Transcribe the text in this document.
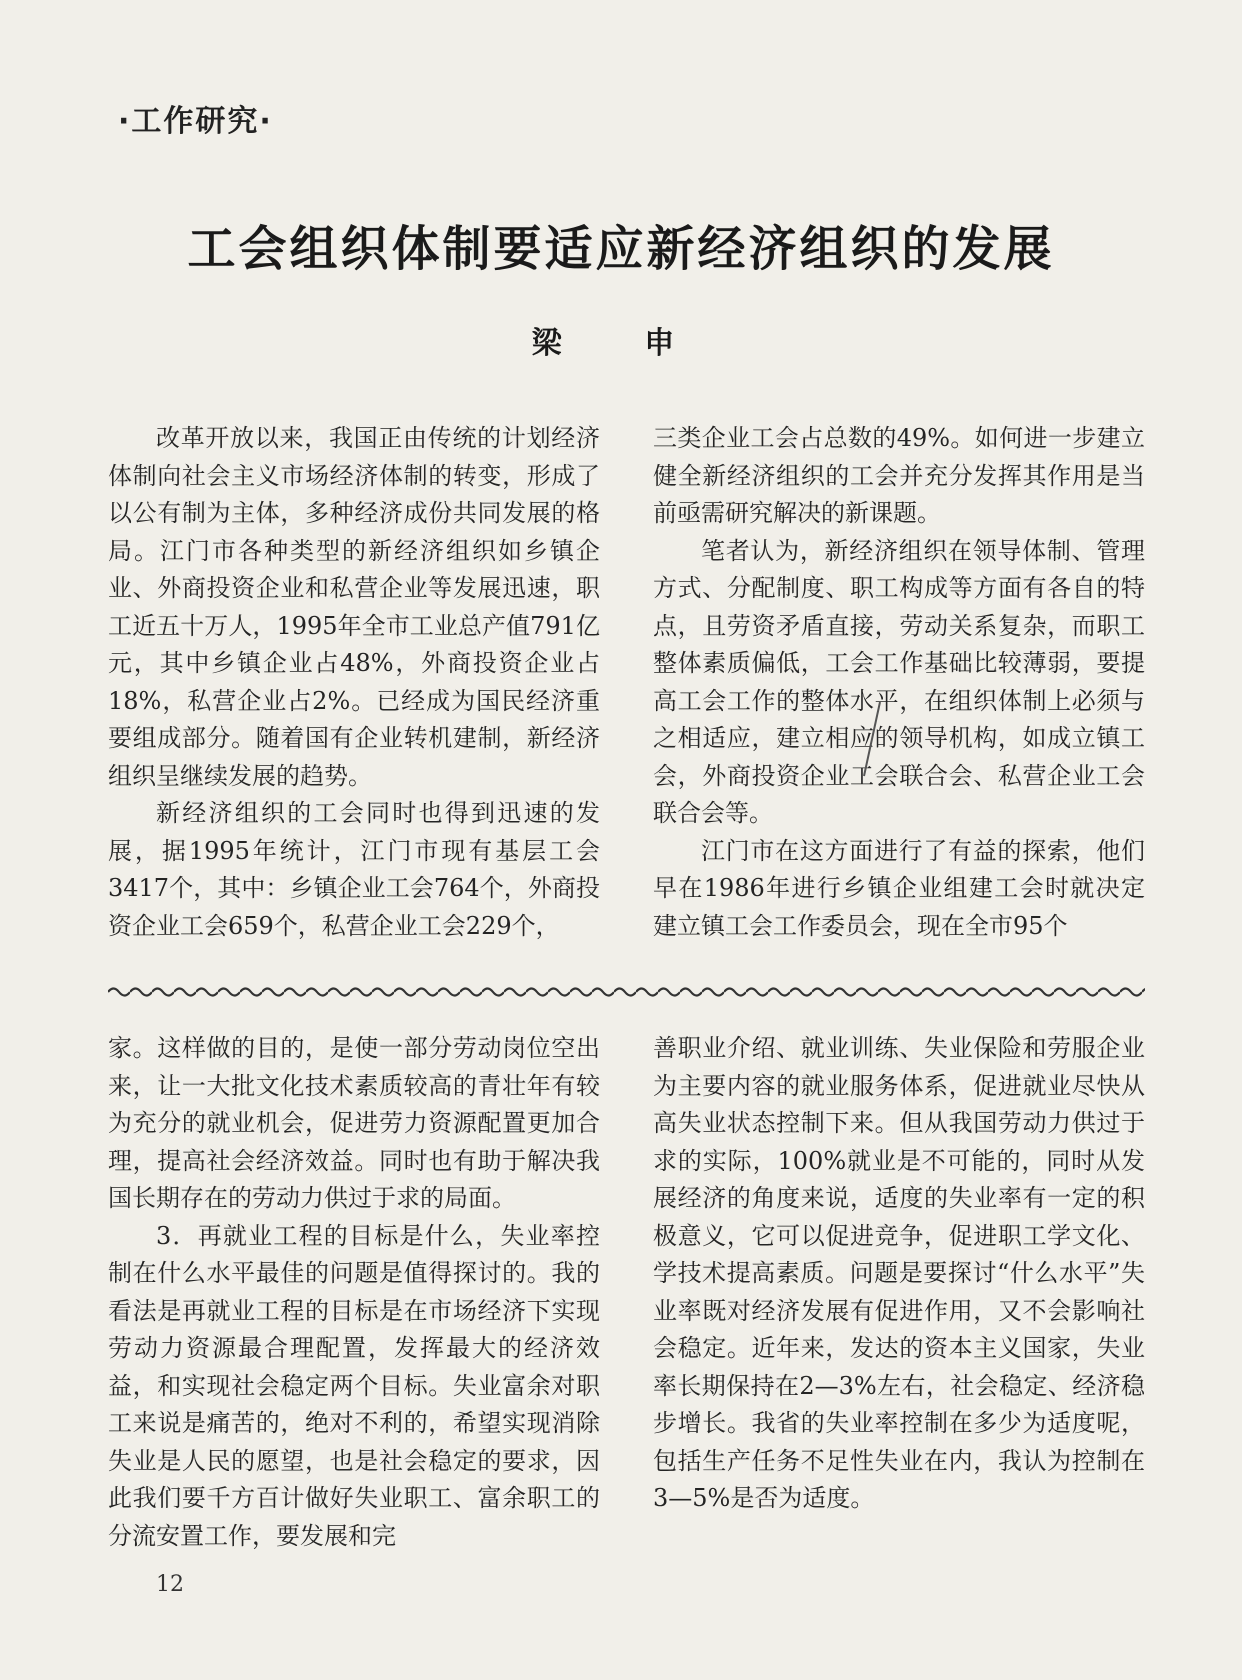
·工作研究·
工会组织体制要适应新经济组织的发展
梁 申

改革开放以来，我国正由传统的计划经济体制向社会主义市场经济体制的转变，形成了以公有制为主体，多种经济成份共同发展的格局。江门市各种类型的新经济组织如乡镇企业、外商投资企业和私营企业等发展迅速，职工近五十万人，1995年全市工业总产值791亿元，其中乡镇企业占48%，外商投资企业占18%，私营企业占2%。已经成为国民经济重要组成部分。随着国有企业转机建制，新经济组织呈继续发展的趋势。

新经济组织的工会同时也得到迅速的发展，据1995年统计，江门市现有基层工会3417个，其中：乡镇企业工会764个，外商投资企业工会659个，私营企业工会229个，

三类企业工会占总数的49%。如何进一步建立健全新经济组织的工会并充分发挥其作用是当前亟需研究解决的新课题。

笔者认为，新经济组织在领导体制、管理方式、分配制度、职工构成等方面有各自的特点，且劳资矛盾直接，劳动关系复杂，而职工整体素质偏低，工会工作基础比较薄弱，要提高工会工作的整体水平，在组织体制上必须与之相适应，建立相应的领导机构，如成立镇工会，外商投资企业工会联合会、私营企业工会联合会等。

江门市在这方面进行了有益的探索，他们早在1986年进行乡镇企业组建工会时就决定建立镇工会工作委员会，现在全市95个

家。这样做的目的，是使一部分劳动岗位空出来，让一大批文化技术素质较高的青壮年有较为充分的就业机会，促进劳力资源配置更加合理，提高社会经济效益。同时也有助于解决我国长期存在的劳动力供过于求的局面。

3．再就业工程的目标是什么，失业率控制在什么水平最佳的问题是值得探讨的。我的看法是再就业工程的目标是在市场经济下实现劳动力资源最合理配置，发挥最大的经济效益，和实现社会稳定两个目标。失业富余对职工来说是痛苦的，绝对不利的，希望实现消除失业是人民的愿望，也是社会稳定的要求，因此我们要千方百计做好失业职工、富余职工的分流安置工作，要发展和完

善职业介绍、就业训练、失业保险和劳服企业为主要内容的就业服务体系，促进就业尽快从高失业状态控制下来。但从我国劳动力供过于求的实际，100%就业是不可能的，同时从发展经济的角度来说，适度的失业率有一定的积极意义，它可以促进竞争，促进职工学文化、学技术提高素质。问题是要探讨“什么水平”失业率既对经济发展有促进作用，又不会影响社会稳定。近年来，发达的资本主义国家，失业率长期保持在2—3%左右，社会稳定、经济稳步增长。我省的失业率控制在多少为适度呢，包括生产任务不足性失业在内，我认为控制在3—5%是否为适度。

12
